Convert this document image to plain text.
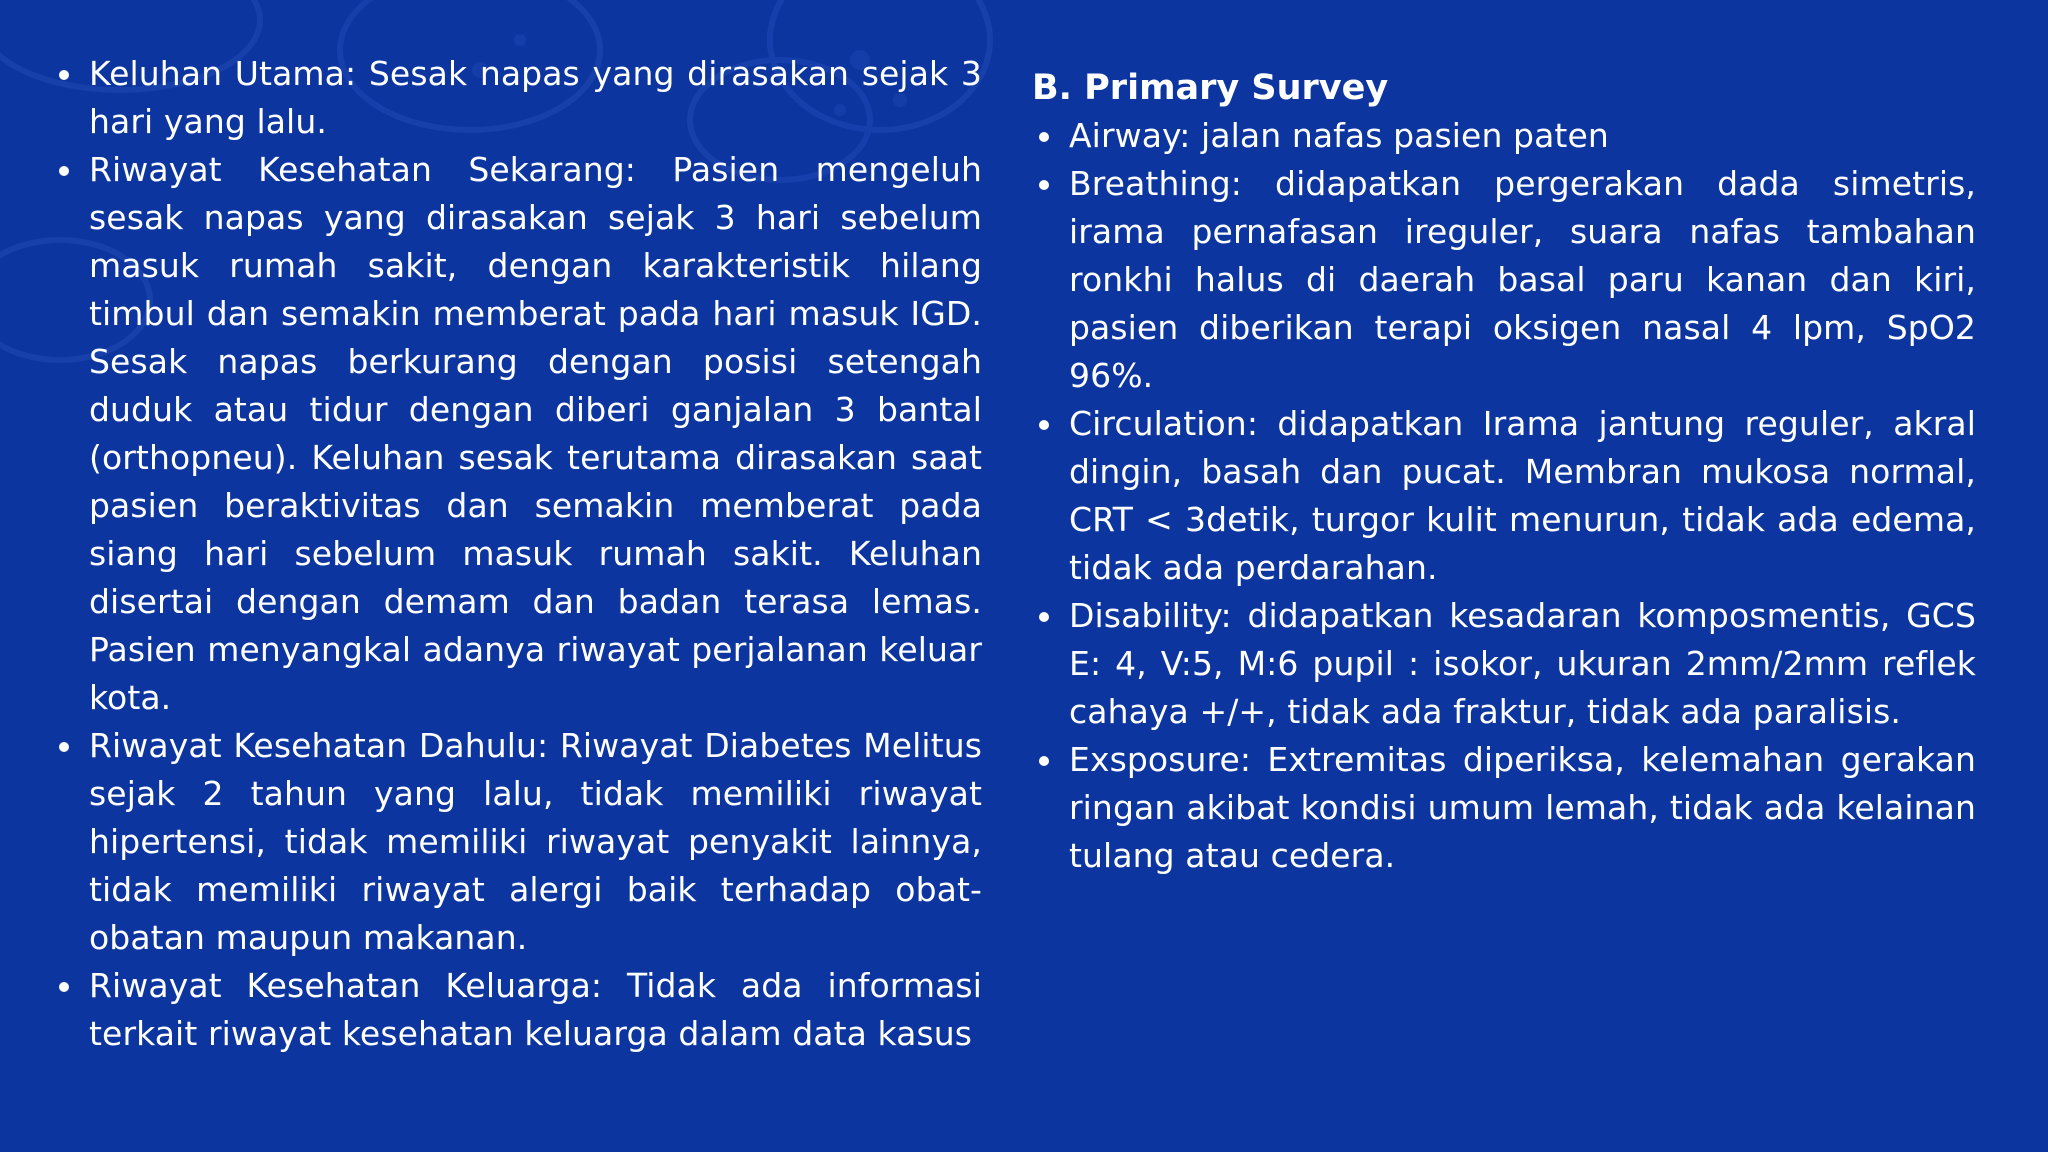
Keluhan Utama: Sesak napas yang dirasakan sejak 3 hari yang lalu.
Riwayat Kesehatan Sekarang: Pasien mengeluh sesak napas yang dirasakan sejak 3 hari sebelum masuk rumah sakit, dengan karakteristik hilang timbul dan semakin memberat pada hari masuk IGD. Sesak napas berkurang dengan posisi setengah duduk atau tidur dengan diberi ganjalan 3 bantal (orthopneu). Keluhan sesak terutama dirasakan saat pasien beraktivitas dan semakin memberat pada siang hari sebelum masuk rumah sakit. Keluhan disertai dengan demam dan badan terasa lemas. Pasien menyangkal adanya riwayat perjalanan keluar kota.
Riwayat Kesehatan Dahulu: Riwayat Diabetes Melitus sejak 2 tahun yang lalu, tidak memiliki riwayat hipertensi, tidak memiliki riwayat penyakit lainnya, tidak memiliki riwayat alergi baik terhadap obat-obatan maupun makanan.
Riwayat Kesehatan Keluarga: Tidak ada informasi terkait riwayat kesehatan keluarga dalam data kasus
B. Primary Survey
Airway: jalan nafas pasien paten
Breathing: didapatkan pergerakan dada simetris, irama pernafasan ireguler, suara nafas tambahan ronkhi halus di daerah basal paru kanan dan kiri, pasien diberikan terapi oksigen nasal 4 lpm, SpO2 96%.
Circulation: didapatkan Irama jantung reguler, akral dingin, basah dan pucat. Membran mukosa normal, CRT < 3detik, turgor kulit menurun, tidak ada edema, tidak ada perdarahan.
Disability: didapatkan kesadaran komposmentis, GCS E: 4, V:5, M:6 pupil : isokor, ukuran 2mm/2mm reflek cahaya +/+, tidak ada fraktur, tidak ada paralisis.
Exsposure: Extremitas diperiksa, kelemahan gerakan ringan akibat kondisi umum lemah, tidak ada kelainan tulang atau cedera.
